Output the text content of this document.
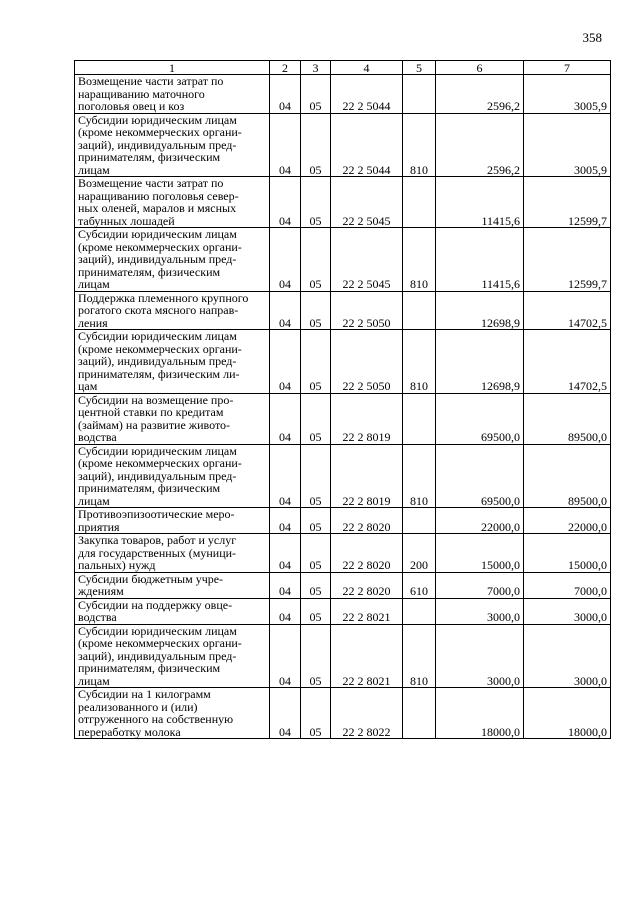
358
1	2	3	4	5	6	7

Возмещение части затрат по
наращиванию маточного
поголовья овец и коз	04	05	22 2 5044		2596,2	3005,9

Субсидии юридическим лицам
(кроме некоммерческих органи-
заций), индивидуальным пред-
принимателям, физическим
лицам	04	05	22 2 5044	810	2596,2	3005,9

Возмещение части затрат по
наращиванию поголовья север-
ных оленей, маралов и мясных
табунных лошадей	04	05	22 2 5045		11415,6	12599,7

Субсидии юридическим лицам
(кроме некоммерческих органи-
заций), индивидуальным пред-
принимателям, физическим
лицам	04	05	22 2 5045	810	11415,6	12599,7

Поддержка племенного крупного
рогатого скота мясного направ-
ления	04	05	22 2 5050		12698,9	14702,5

Субсидии юридическим лицам
(кроме некоммерческих органи-
заций), индивидуальным пред-
принимателям, физическим ли-
цам	04	05	22 2 5050	810	12698,9	14702,5

Субсидии на возмещение про-
центной ставки по кредитам
(займам) на развитие живото-
водства	04	05	22 2 8019		69500,0	89500,0

Субсидии юридическим лицам
(кроме некоммерческих органи-
заций), индивидуальным пред-
принимателям, физическим
лицам	04	05	22 2 8019	810	69500,0	89500,0

Противоэпизоотические меро-
приятия	04	05	22 2 8020		22000,0	22000,0

Закупка товаров, работ и услуг
для государственных (муници-
пальных) нужд	04	05	22 2 8020	200	15000,0	15000,0

Субсидии бюджетным учре-
ждениям	04	05	22 2 8020	610	7000,0	7000,0

Субсидии на поддержку овце-
водства	04	05	22 2 8021		3000,0	3000,0

Субсидии юридическим лицам
(кроме некоммерческих органи-
заций), индивидуальным пред-
принимателям, физическим
лицам	04	05	22 2 8021	810	3000,0	3000,0

Субсидии на 1 килограмм
реализованного и (или)
отгруженного на собственную
переработку молока	04	05	22 2 8022		18000,0	18000,0
